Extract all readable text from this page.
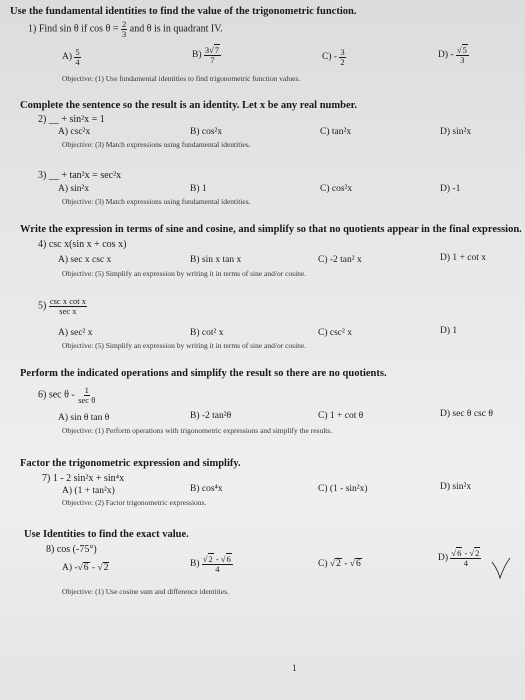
Use the fundamental identities to find the value of the trigonometric function.
1) Find sin θ if $\cos \theta = \frac{2}{3}$ and θ is in quadrant IV.
$A) \frac{5}{4}$	$B) \frac{3√7}{7}$	$C) - \frac{3}{2}$	$D) - \frac{√5}{3}$
Objective: (1) Use fundamental identities to find trigonometric function values.
Complete the sentence so the result is an identity. Let x be any real number.
2) __ + sin²x = 1
A) csc²x	B) cos²x	C) tan²x	D) sin²x
Objective: (3) Match expressions using fundamental identities.
3) __ + tan²x = sec²x
A) sin²x	B) 1	C) cos²x	D) -1
Objective: (3) Match expressions using fundamental identities.
Write the expression in terms of sine and cosine, and simplify so that no quotients appear in the final expression.
4) csc x(sin x + cos x)
A) sec x csc x	B) sin x tan x	C) -2 tan² x	D) 1 + cot x
Objective: (5) Simplify an expression by writing it in terms of sine and/or cosine.
$5) \frac{\text{csc x cot x}}{\text{sec x}}$
A) sec² x	B) cot² x	C) csc² x	D) 1
Objective: (5) Simplify an expression by writing it in terms of sine and/or cosine.
Perform the indicated operations and simplify the result so there are no quotients.
6) sec θ - $\frac{1}{\text{sec θ}}$
A) sin θ tan θ	B) -2 tan²θ	C) 1 + cot θ	D) sec θ csc θ
Objective: (1) Perform operations with trigonometric expressions and simplify the results.
Factor the trigonometric expression and simplify.
7) 1 - 2 sin²x + sin⁴x
A) (1 + tan²x)	B) cos⁴x	C) (1 - sin²x)	D) sin²x
Objective: (2) Factor trigonometric expressions.
Use Identities to find the exact value.
8) cos (-75°)
A) -√6 - √2	$B) \frac{√2 - √6}{4}$	C) √2 - √6
$D) \frac{√6 - √2}{4}$
Objective: (1) Use cosine sum and difference identities.
1
